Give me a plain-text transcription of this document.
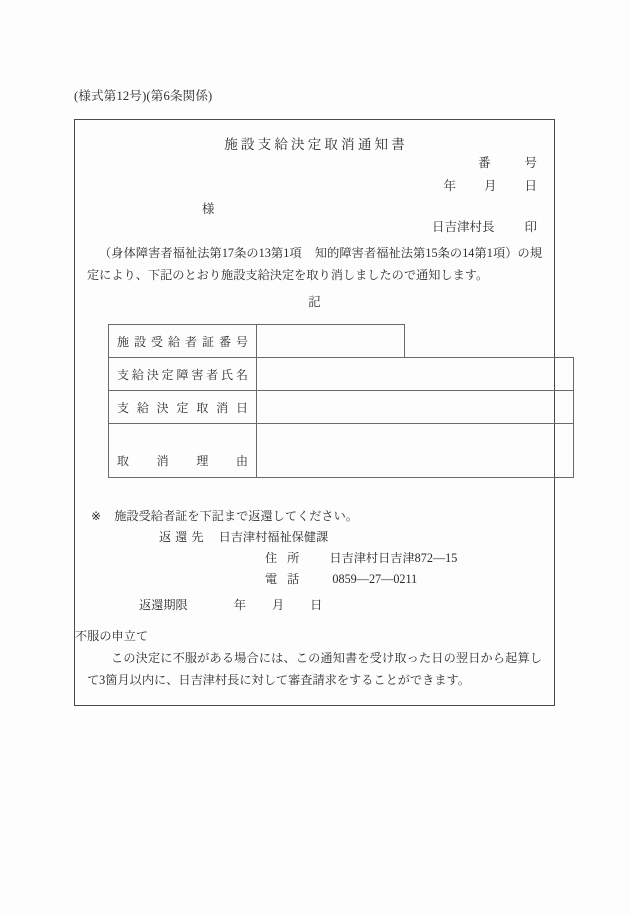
(様式第12号)(第6条関係)
施設支給決定取消通知書
番	号
年 月 日
様
日吉津村長 印
（身体障害者福祉法第17条の13第1項 知的障害者福祉法第15条の14第1項）の規定により、下記のとおり施設支給決定を取り消しましたので通知します。
記
施設受給者証番号		

支給決定障害者氏名		

支給決定取消日		

取消理由		

※ 施設受給者証を下記まで返還してください。
返還先 日吉津村福祉保健課
住所 日吉津村日吉津872—15
電話 0859—27—0211
返還期限	年 月 日
不服の申立て
この決定に不服がある場合には、この通知書を受け取った日の翌日から起算して3箇月以内に、日吉津村長に対して審査請求をすることができます。
